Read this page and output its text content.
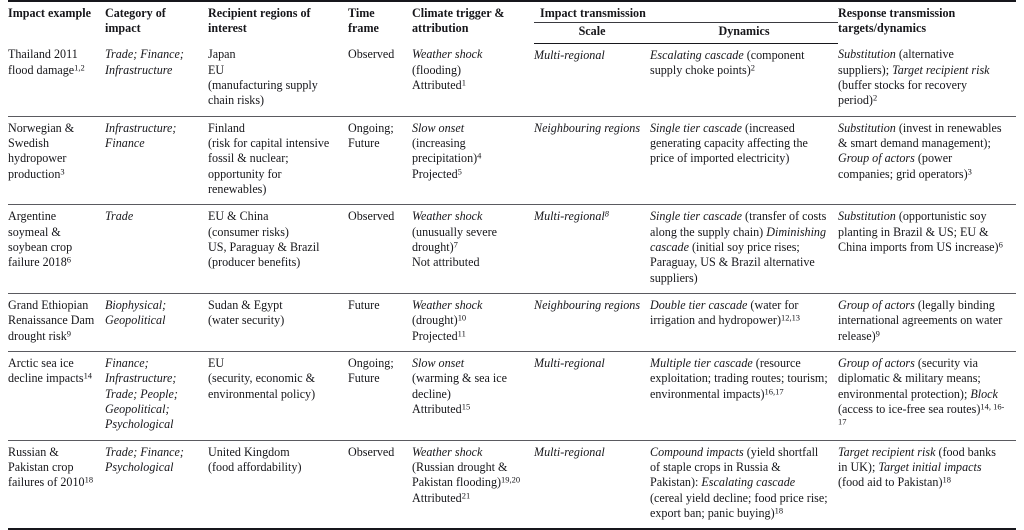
Impact example	Category of impact	Recipient regions of interest	Time frame	Climate trigger & attribution	Impact transmission		Response transmission targets/dynamics
					Scale	Dynamics	

Thailand 2011 flood damage$^{1,2}$	Trade; Finance; Infrastructure	Japan
EU
(manufacturing supply chain risks)	Observed	Weather shock
(flooding)
Attributed$^1$	Multi-regional	Escalating cascade (component supply choke points)$^2$	Substitution (alternative suppliers); Target recipient risk (buffer stocks for recovery period)$^2$

Norwegian & Swedish hydropower production$^3$	Infrastructure; Finance	Finland
(risk for capital intensive fossil & nuclear; opportunity for renewables)	Ongoing; Future	Slow onset
(increasing precipitation)$^4$
Projected$^5$	Neighbouring regions	Single tier cascade (increased generating capacity affecting the price of imported electricity)	Substitution (invest in renewables & smart demand management); Group of actors (power companies; grid operators)$^3$

Argentine soymeal & soybean crop failure 2018$^6$	Trade	EU & China
(consumer risks)
US, Paraguay & Brazil
(producer benefits)	Observed	Weather shock
(unusually severe drought)$^7$
Not attributed	Multi-regional$^8$	Single tier cascade (transfer of costs along the supply chain) Diminishing cascade (initial soy price rises; Paraguay, US & Brazil alternative suppliers)	Substitution (opportunistic soy planting in Brazil & US; EU & China imports from US increase)$^6$

Grand Ethiopian Renaissance Dam drought risk$^9$	Biophysical; Geopolitical	Sudan & Egypt
(water security)	Future	Weather shock
(drought)$^{10}$
Projected$^{11}$	Neighbouring regions	Double tier cascade (water for irrigation and hydropower)$^{12,13}$	Group of actors (legally binding international agreements on water release)$^9$

Arctic sea ice decline impacts$^{14}$	Finance; Infrastructure; Trade; People; Geopolitical; Psychological	EU
(security, economic & environmental policy)	Ongoing; Future	Slow onset
(warming & sea ice decline)
Attributed$^{15}$	Multi-regional	Multiple tier cascade (resource exploitation; trading routes; tourism; environmental impacts)$^{16,17}$	Group of actors (security via diplomatic & military means; environmental protection); Block (access to ice-free sea routes)$^{14, 16-17}$

Russian & Pakistan crop failures of 2010$^{18}$	Trade; Finance; Psychological	United Kingdom
(food affordability)	Observed	Weather shock
(Russian drought & Pakistan flooding)$^{19,20}$
Attributed$^{21}$	Multi-regional	Compound impacts (yield shortfall of staple crops in Russia & Pakistan): Escalating cascade (cereal yield decline; food price rise; export ban; panic buying)$^{18}$	Target recipient risk (food banks in UK); Target initial impacts (food aid to Pakistan)$^{18}$
